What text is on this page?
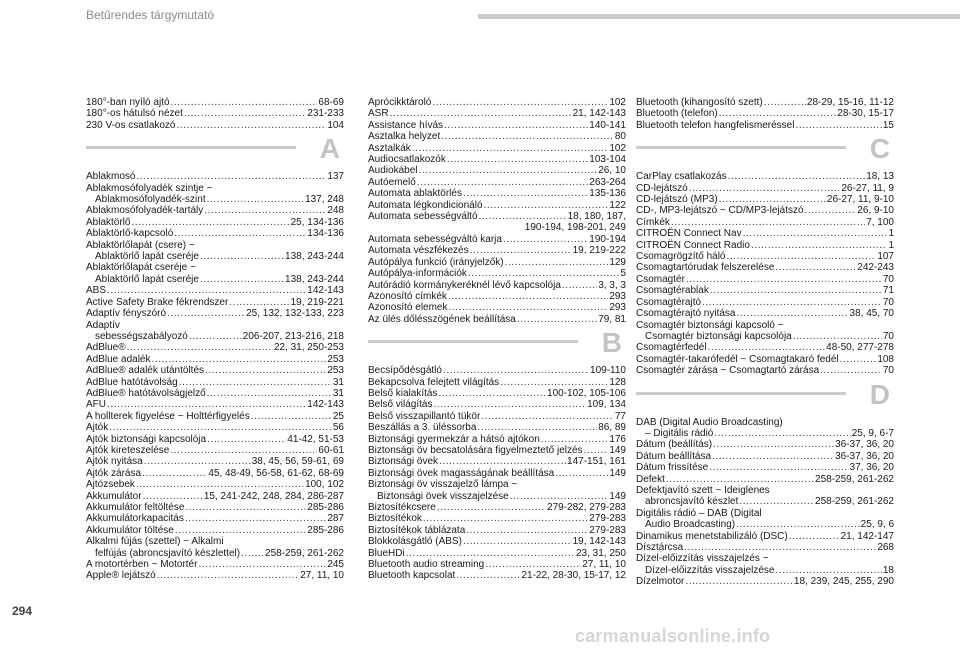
Betűrendes tárgymutató
180°-ban nyíló ajtó .....	68-69
180°-os hátulsó nézet .....	231-233
230 V-os csatlakozó .....	104
A
Ablakmosó .....	137
Ablakmosófolyadék szintje ~
Ablakmosófolyadék-szint .....	137, 248
Ablakmosófolyadék-tartály .....	248
Ablaktörlő .....	25, 134-136
Ablaktörlő-kapcsoló .....	134-136
Ablaktörlőlapát (csere) ~
Ablaktörlő lapát cseréje .....	138, 243-244
Ablaktörlőlapát cseréje ~
Ablaktörlő lapát cseréje .....	138, 243-244
ABS .....	142-143
Active Safety Brake fékrendszer .....	19, 219-221
Adaptív fényszóró .....	25, 132, 132-133, 223
Adaptív
sebességszabályozó .....	206-207, 213-216, 218
AdBlue® .....	22, 31, 250-253
AdBlue adalék .....	253
AdBlue® adalék utántöltés .....	253
AdBlue hatótávolság .....	31
AdBlue® hatótávolságjelző .....	31
AFU .....	142-143
A hollterek figyelése ~ Holttérfigyelés .....	25
Ajtók .....	56
Ajtók biztonsági kapcsolója .....	41-42, 51-53
Ajtók kireteszelése .....	60-61
Ajtók nyitása .....	38, 45, 56, 59-61, 69
Ajtók zárása .....	45, 48-49, 56-58, 61-62, 68-69
Ajtózsebek .....	100, 102
Akkumulátor .....	15, 241-242, 248, 284, 286-287
Akkumulátor feltöltése .....	285-286
Akkumulátorkapacitás .....	287
Akkumulátor töltése .....	285-286
Alkalmi fújás (szettel) ~ Alkalmi
felfújás (abroncsjavító készlettel) ..... 258-259, 261-262
A motortérben ~ Motortér .....	245
Apple® lejátszó .....	27, 11, 10
Aprócikktároló .....	102
ASR .....	21, 142-143
Assistance hívás .....	140-141
Asztalka helyzet .....	80
Asztalkák .....	102
Audiocsatlakozók .....	103-104
Audiokábel .....	26, 10
Autóemelő .....	263-264
Automata ablaktörlés .....	135-136
Automata légkondicionáló .....	122
Automata sebességváltó .....	18, 180, 187,
190-194, 198-201, 249
Automata sebességváltó karja .....	190-194
Automata vészfékezés .....	19, 219-222
Autópálya funkció (irányjelzők) .....	129
Autópálya-információk .....	5
Autórádió kormánykeréknél lévő kapcsolója .....	3, 3, 3
Azonosító címkék .....	293
Azonosító elemek .....	293
Az ülés dőlésszögének beállítása .....	79, 81
B
Becsípődésgátló .....	109-110
Bekapcsolva felejtett világítás .....	128
Belső kialakítás .....	100-102, 105-106
Belső világítás .....	109, 134
Belső visszapillantó tükör .....	77
Beszállás a 3. üléssorba .....	86, 89
Biztonsági gyermekzár a hátsó ajtókon .....	176
Biztonsági öv becsatolására figyelmeztető jelzés .....	149
Biztonsági övek .....	147-151, 161
Biztonsági övek magasságának beállítása .....	149
Biztonsági öv visszajelző lámpa ~
Biztonsági övek visszajelzése .....	149
Biztosítékcsere .....	279-282, 279-283
Biztosítékok .....	279-283
Biztosítékok táblázata .....	279-283
Blokkolásgátló (ABS) .....	19, 142-143
BlueHDi .....	23, 31, 250
Bluetooth audio streaming .....	27, 11, 10
Bluetooth kapcsolat .....	21-22, 28-30, 15-17, 12
Bluetooth (kihangosító szett) .....	28-29, 15-16, 11-12
Bluetooth (telefon) .....	28-30, 15-17
Bluetooth telefon hangfelismeréssel .....	15
C
CarPlay csatlakozás .....	18, 13
CD-lejátszó .....	26-27, 11, 9
CD-lejátszó (MP3) .....	26-27, 11, 9-10
CD-, MP3-lejátszó ~ CD/MP3-lejátszó .....	26, 9-10
Címkék .....	7, 100
CITROËN Connect Nav .....	1
CITROËN Connect Radio .....	1
Csomagrögzítő háló .....	107
Csomagtartórudak felszerelése .....	242-243
Csomagtér .....	70
Csomagtérablak .....	71
Csomagtérajtó .....	70
Csomagtérajtó nyitása .....	38, 45, 70
Csomagtér biztonsági kapcsoló ~
Csomagtér biztonsági kapcsolója .....	70
Csomagtérfedél .....	48-50, 277-278
Csomagtér-takarófedél ~ Csomagtakaró fedél .....	108
Csomagtér zárása ~ Csomagtartó zárása .....	70
D
DAB (Digital Audio Broadcasting)
– Digitális rádió .....	25, 9, 6-7
Dátum (beállítás) .....	36-37, 36, 20
Dátum beállítása .....	36-37, 36, 20
Dátum frissítése .....	37, 36, 20
Defekt .....	258-259, 261-262
Defektjavító szett ~ Ideiglenes
abroncsjavító készlet .....	258-259, 261-262
Digitális rádió – DAB (Digital
Audio Broadcasting) .....	25, 9, 6
Dinamikus menetstabilizáló (DSC) .....	21, 142-147
Dísztárcsa .....	268
Dízel-előizzítás visszajelzés ~
Dízel-előizzítás visszajelzése .....	18
Dízelmotor .....	18, 239, 245, 255, 290
294
carmanualsonline.info
